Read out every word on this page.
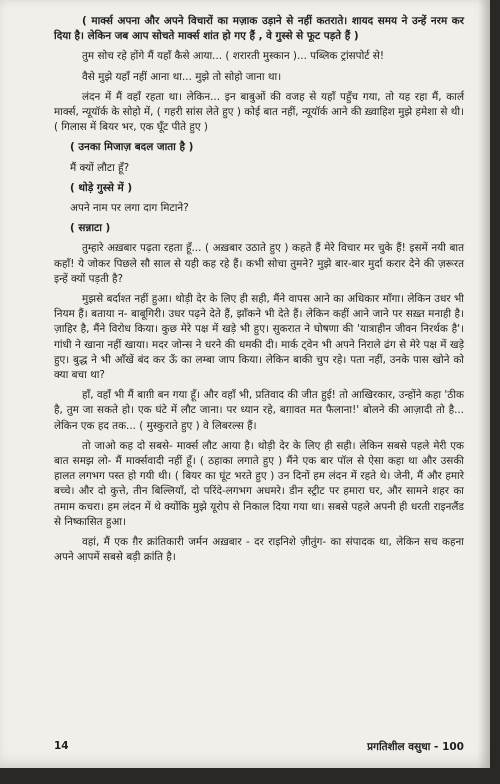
( मार्क्स अपना और अपने विचारों का मज़ाक उड़ाने से नहीं कतराते। शायद समय ने उन्हें नरम कर दिया है। लेकिन जब आप सोचते मार्क्स शांत हो गए हैं , वे गुस्से से फूट पड़ते हैं )

तुम सोच रहे होंगे मैं यहाँ कैसे आया... ( शरारती मुस्कान )... पब्लिक ट्रांसपोर्ट से!

वैसे मुझे यहाँ नहीं आना था... मुझे तो सोहो जाना था।

लंदन में मैं वहाँ रहता था। लेकिन... इन बाबुओं की वजह से यहाँ पहुँच गया, तो यह रहा मैं, कार्ल मार्क्स, न्यूयॉर्क के सोहो में, ( गहरी सांस लेते हुए ) कोई बात नहीं, न्यूयॉर्क आने की ख़्वाहिश मुझे हमेशा से थी। ( गिलास में बियर भर, एक घूँट पीते हुए )

( उनका मिजाज़ बदल जाता है )

मैं क्यों लौटा हूँ?

( थोड़े गुस्से में )

अपने नाम पर लगा दाग मिटाने?

( सन्नाटा )

तुम्हारे अख़बार पढ़ता रहता हूँ... ( अख़बार उठाते हुए ) कहते हैं मेरे विचार मर चुके हैं! इसमें नयी बात कहाँ! ये जोकर पिछले सौ साल से यही कह रहे हैं। कभी सोचा तुमने? मुझे बार-बार मुर्दा करार देने की ज़रूरत इन्हें क्यों पड़ती है?

मुझसे बर्दाश्त नहीं हुआ। थोड़ी देर के लिए ही सही, मैंने वापस आने का अधिकार माँगा। लेकिन उधर भी नियम हैं। बताया न- बाबूगिरी। उधर पढ़ने देते हैं, झाँकने भी देते हैं। लेकिन कहीं आने जाने पर सख़्त मनाही है। ज़ाहिर है, मैंने विरोध किया। कुछ मेरे पक्ष में खड़े भी हुए। सुकरात ने घोषणा की 'यात्राहीन जीवन निरर्थक है'। गांधी ने खाना नहीं खाया। मदर जोन्स ने धरने की धमकी दी। मार्क ट्वेन भी अपने निराले ढंग से मेरे पक्ष में खड़े हुए। बुद्ध ने भी आँखें बंद कर ऊँ का लम्बा जाप किया। लेकिन बाकी चुप रहे। पता नहीं, उनके पास खोने को क्या बचा था?

हाँ, वहाँ भी मैं बाग़ी बन गया हूँ। और वहाँ भी, प्रतिवाद की जीत हुई! तो आखिरकार, उन्होंने कहा 'ठीक है, तुम जा सकते हो। एक घंटे में लौट जाना। पर ध्यान रहे, बग़ावत मत फैलाना!' बोलने की आज़ादी तो है... लेकिन एक हद तक... ( मुस्कुराते हुए ) वे लिबरल्स हैं।

तो जाओ कह दो सबसे- मार्क्स लौट आया है। थोड़ी देर के लिए ही सही। लेकिन सबसे पहले मेरी एक बात समझ लो- मैं मार्क्सवादी नहीं हूँ। ( ठहाका लगाते हुए ) मैंने एक बार पॉल से ऐसा कहा था और उसकी हालत लगभग पस्त हो गयी थी। ( बियर का घूंट भरते हुए ) उन दिनों हम लंदन में रहते थे। जेनी, मैं और हमारे बच्चे। और दो कुत्ते, तीन बिल्लियाँ, दो परिंदे-लगभग अधमरे। डीन स्ट्रीट पर हमारा घर, और सामने शहर का तमाम कचरा। हम लंदन में थे क्योंकि मुझे यूरोप से निकाल दिया गया था। सबसे पहले अपनी ही धरती राइनलैंड से निष्कासित हुआ।

वहां, मैं एक ग़ैर क्रांतिकारी जर्मन अख़बार - दर राइनिशे ज़ीतुंग- का संपादक था, लेकिन सच कहना अपने आपमें सबसे बड़ी क्रांति है।

14	प्रगतिशील वसुधा - 100
